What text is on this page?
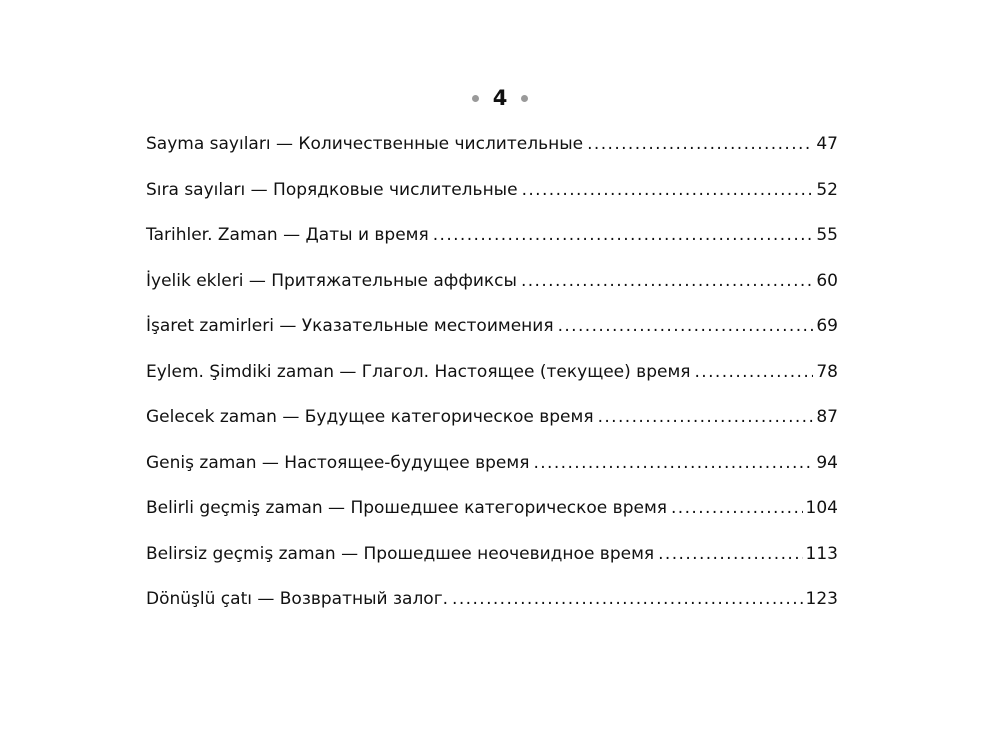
4
Sayma sayıları — Количественные числительные .....	47
Sıra sayıları — Порядковые числительные .....	52
Tarihler. Zaman — Даты и время .....	55
İyelik ekleri — Притяжательные аффиксы .....	60
İşaret zamirleri — Указательные местоимения .....	69
Eylem. Şimdiki zaman — Глагол. Настоящее (текущее) время .....	78
Gelecek zaman — Будущее категорическое время .....	87
Geniş zaman — Настоящее-будущее время .....	94
Belirli geçmiş zaman — Прошедшее категорическое время .....	104
Belirsiz geçmiş zaman — Прошедшее неочевидное время .....	113
Dönüşlü çatı — Возвратный залог. .....	123
